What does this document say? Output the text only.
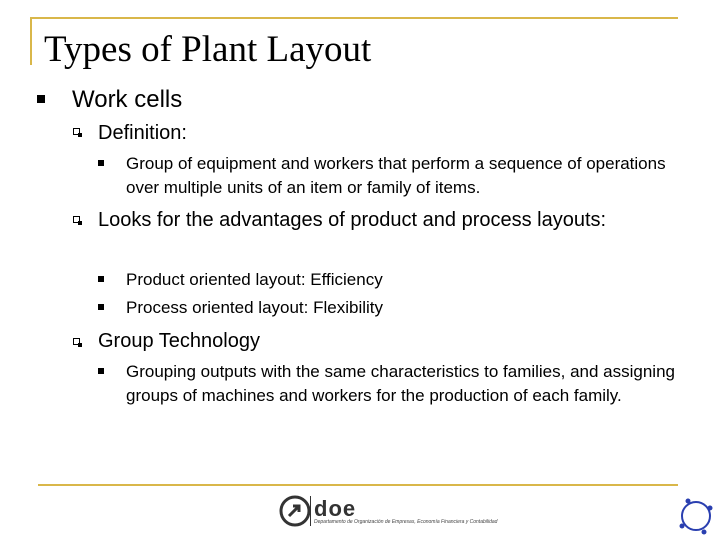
Types of Plant Layout
Work cells
Definition:
Group of equipment and workers that perform a sequence of operations over multiple units of an item or family of items.
Looks for the advantages of product and process layouts:
Product oriented layout: Efficiency
Process oriented layout: Flexibility
Group Technology
Grouping outputs with the same characteristics to families, and assigning groups of machines and workers for the production of each family.
doe
Departamento de Organización de Empresas, Economía Financiera y Contabilidad
